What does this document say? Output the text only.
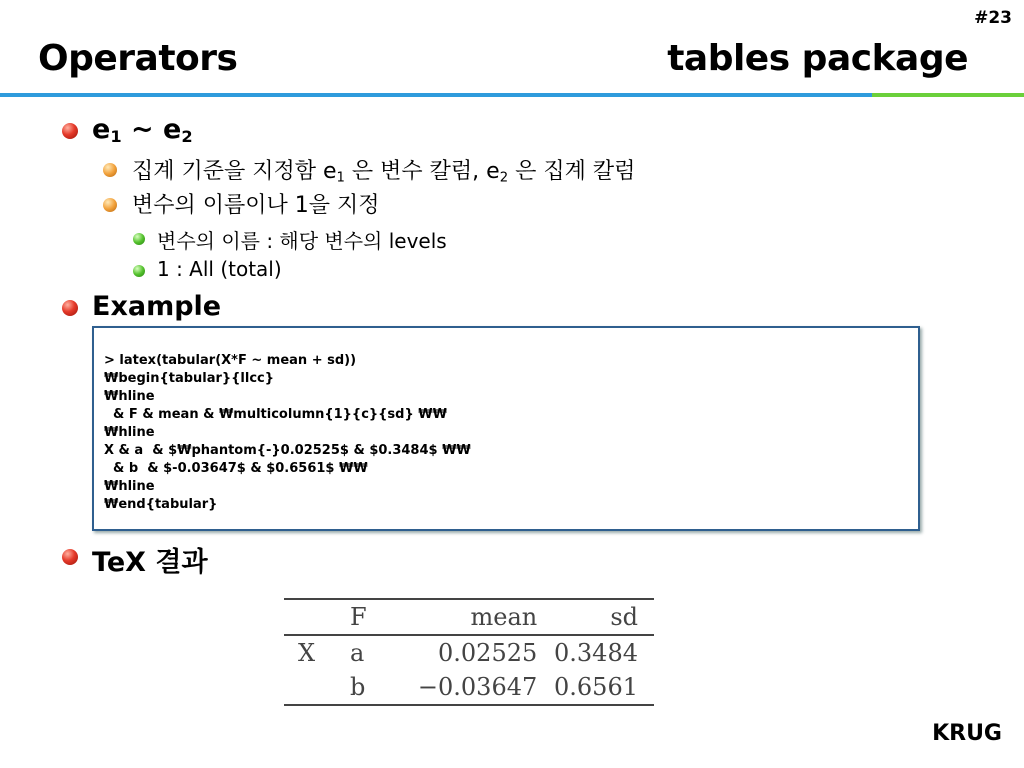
#23
Operators	tables package
$e_1$ ~ $e_2$
집계 기준을 지정함 $e_1$ 은 변수 칼럼, $e_2$ 은 집계 칼럼
변수의 이름이나 1을 지정
변수의 이름 : 해당 변수의 levels
1 : All (total)
Example
> latex(tabular(X*F ~ mean + sd))
₩begin{tabular}{llcc}
₩hline
& F & mean & ₩multicolumn{1}{c}{sd} ₩₩
₩hline
X & a  & $₩phantom{-}0.02525$ & $0.3484$ ₩₩
& b  & $-0.03647$ & $0.6561$ ₩₩
₩hline
₩end{tabular}
TeX 결과
	F	mean	sd
X	a	0.02525	0.3484
	b	−0.03647	0.6561
KRUG
